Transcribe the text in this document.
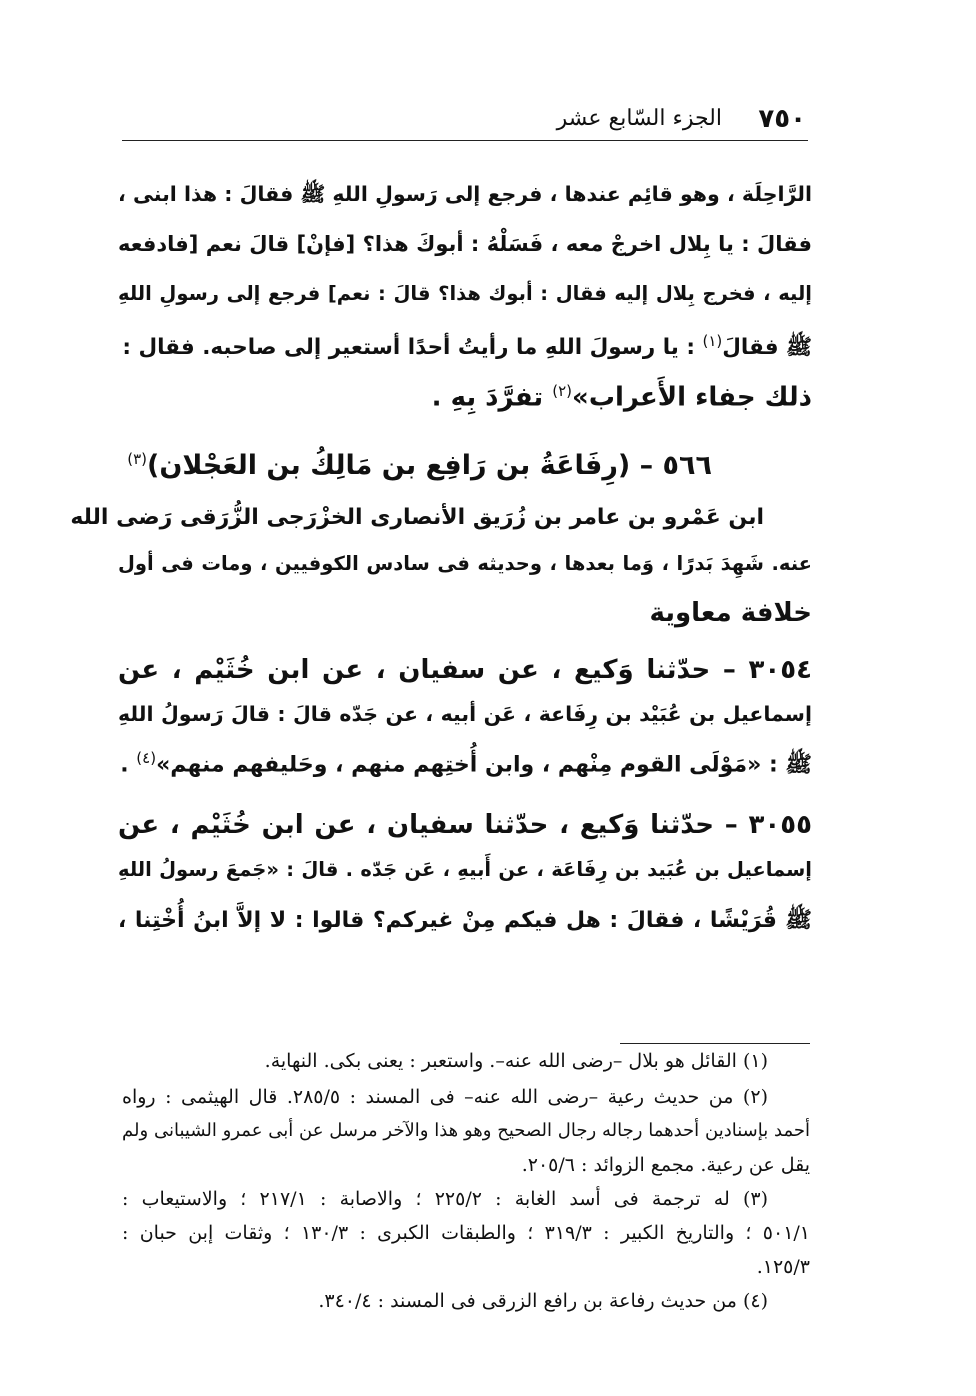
٧٥٠
الجزء السّابع عشر
الرَّاحِلَة ، وهو قائِم عندها ، فرجع إلى رَسولِ اللهِ ﷺ فقالَ : هذا ابنى ،
فقالَ : يا بِلال اخرجْ معه ، فَسَلْهُ : أبوكَ هذا؟ [فإنْ] قالَ نعم [فادفعه
إليه ، فخرج بِلال إليه فقال : أبوك هذا؟ قالَ : نعم] فرجع إلى رسولِ اللهِ
ﷺ فقالَ$^{(١)}$ : يا رسولَ اللهِ ما رأيتُ أحدًا أستعير إلى صاحبه. فقال :
ذلك جفاء الأَعراب»$^{(٢)}$ تفرَّدَ بِهِ .
٥٦٦ – (رِفَاعَةُ بن رَافِع بن مَالِكُ بن العَجْلان)$^{(٣)}$
ابن عَمْرو بن عامر بن زُرَيق الأنصارى الخزْرَجى الزُّرَقى رَضى الله
عنه. شَهِدَ بَدرًا ، وَما بعدها ، وحديثه فى سادس الكوفيين ، ومات فى أول
خلافة معاوية
٣٠٥٤ – حدّثنا وَكيع ، عن سفيان ، عن ابن خُثَيْم ، عن
إسماعيل بن عُبَيْد بن رِفَاعة ، عَن أبيه ، عن جَدّه قالَ : قالَ رَسولُ اللهِ
ﷺ : «مَوْلَى القوم مِنْهم ، وابن أُختِهم منهم ، وحَليفهم منهم»$^{(٤)}$ .
٣٠٥٥ – حدّثنا وَكيع ، حدّثنا سفيان ، عن ابن خُثَيْم ، عن
إسماعيل بن عُبَيد بن رِفَاعَة ، عن أَبيهِ ، عَن جَدّه . قالَ : «جَمعَ رسولُ اللهِ
ﷺ قُرَيْشًا ، فقالَ : هل فيكم مِنْ غيركم؟ قالوا : لا إلاَّ ابنُ أُخْتِنا ،
(١) القائل هو بلال –رضى الله عنه–. واستعبر : يعنى بكى. النهاية.
(٢) من حديث رعية –رضى الله عنه– فى المسند : ٢٨٥/٥. قال الهيثمى : رواه
أحمد بإسنادين أحدهما رجاله رجال الصحيح وهو هذا والآخر مرسل عن أبى عمرو الشيبانى ولم
يقل عن رعية. مجمع الزوائد : ٢٠٥/٦.
(٣) له ترجمة فى أسد الغابة : ٢٢٥/٢ ؛ والاصابة : ٢١٧/١ ؛ والاستيعاب :
٥٠١/١ ؛ والتاريخ الكبير : ٣١٩/٣ ؛ والطبقات الكبرى : ١٣٠/٣ ؛ وثقات إبن حبان :
١٢٥/٣.
(٤) من حديث رفاعة بن رافع الزرقى فى المسند : ٣٤٠/٤.
